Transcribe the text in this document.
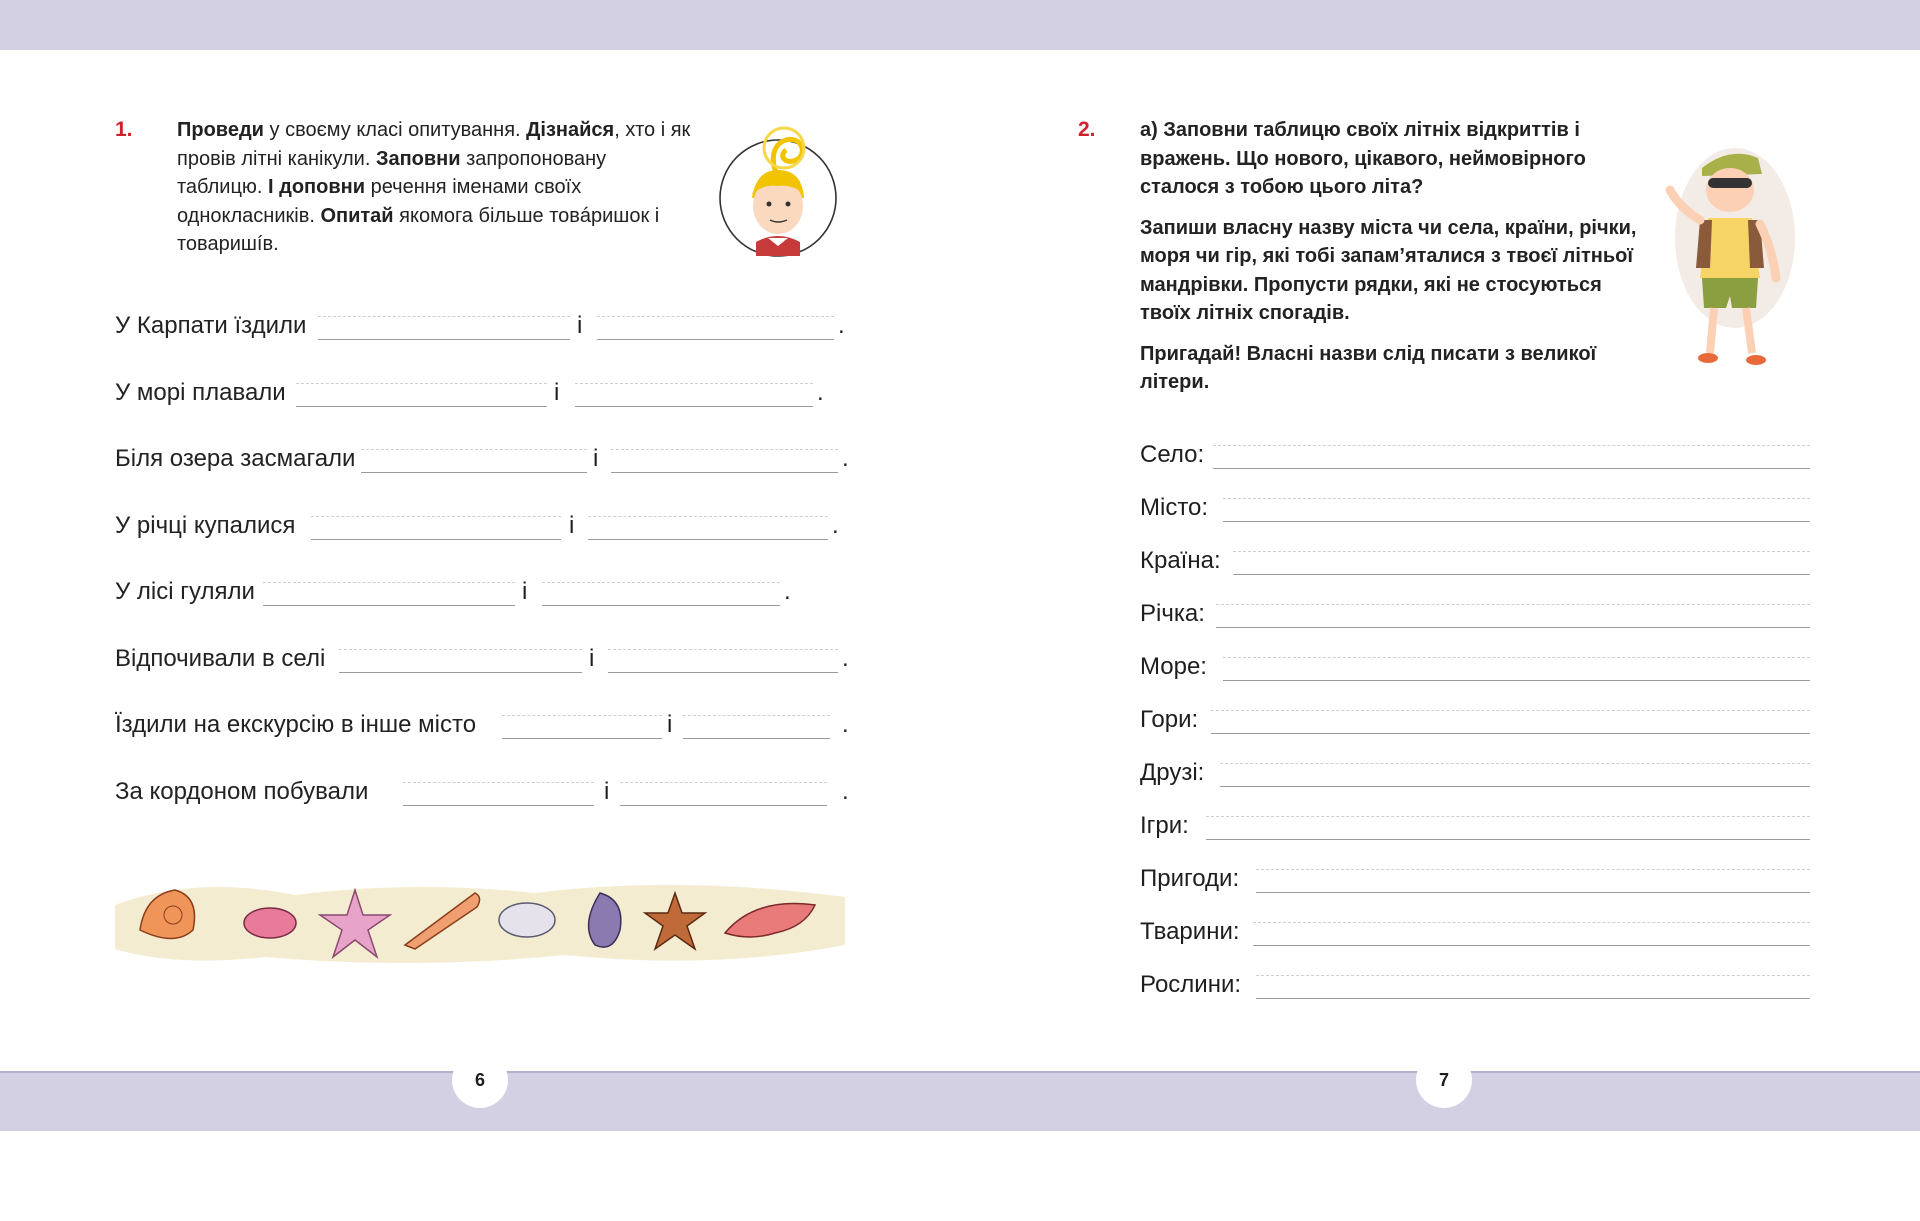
1. Проведи у своєму класі опитування. Дізнайся, хто і як провів літні канікули. Заповни запропоновану таблицю. І доповни речення іменами своїх однокласників. Опитай якомога більше товáришок і товаришíв.
У Карпати їздили	і	.
У морі плавали	і	.
Біля озера засмагали	і	.
У річці купалися	і	.
У лісі гуляли	і	.
Відпочивали в селі	і	.
Їздили на екскурсію в інше місто	і	.
За кордоном побували	і	.
6
2. а) Заповни таблицю своїх літніх відкриттів і вражень. Що нового, цікавого, неймовірного сталося з тобою цього літа?

Запиши власну назву міста чи села, країни, річки, моря чи гір, які тобі запам’яталися з твоєї літньої мандрівки. Пропусти рядки, які не стосуються твоїх літніх спогадів.

Пригадай! Власні назви слід писати з великої літери.

Село:
Місто:
Країна:
Річка:
Море:
Гори:
Друзі:
Ігри:
Пригоди:
Тварини:
Рослини:
7
